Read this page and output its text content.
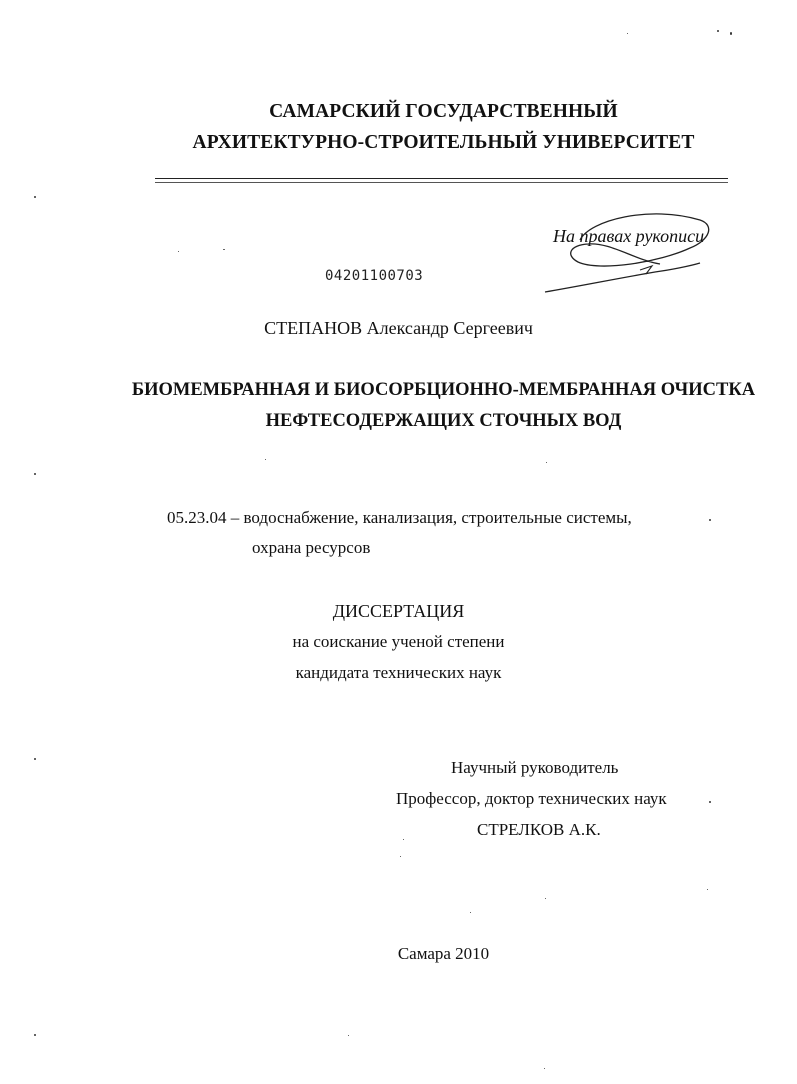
САМАРСКИЙ ГОСУДАРСТВЕННЫЙ
АРХИТЕКТУРНО-СТРОИТЕЛЬНЫЙ УНИВЕРСИТЕТ
На правах рукописи
04201100703
СТЕПАНОВ Александр Сергеевич
БИОМЕМБРАННАЯ И БИОСОРБЦИОННО-МЕМБРАННАЯ ОЧИСТКА
НЕФТЕСОДЕРЖАЩИХ СТОЧНЫХ ВОД
05.23.04 – водоснабжение, канализация, строительные системы,
охрана ресурсов
ДИССЕРТАЦИЯ
на соискание ученой степени
кандидата технических наук
Научный руководитель
Профессор, доктор технических наук
СТРЕЛКОВ А.К.
Самара 2010
